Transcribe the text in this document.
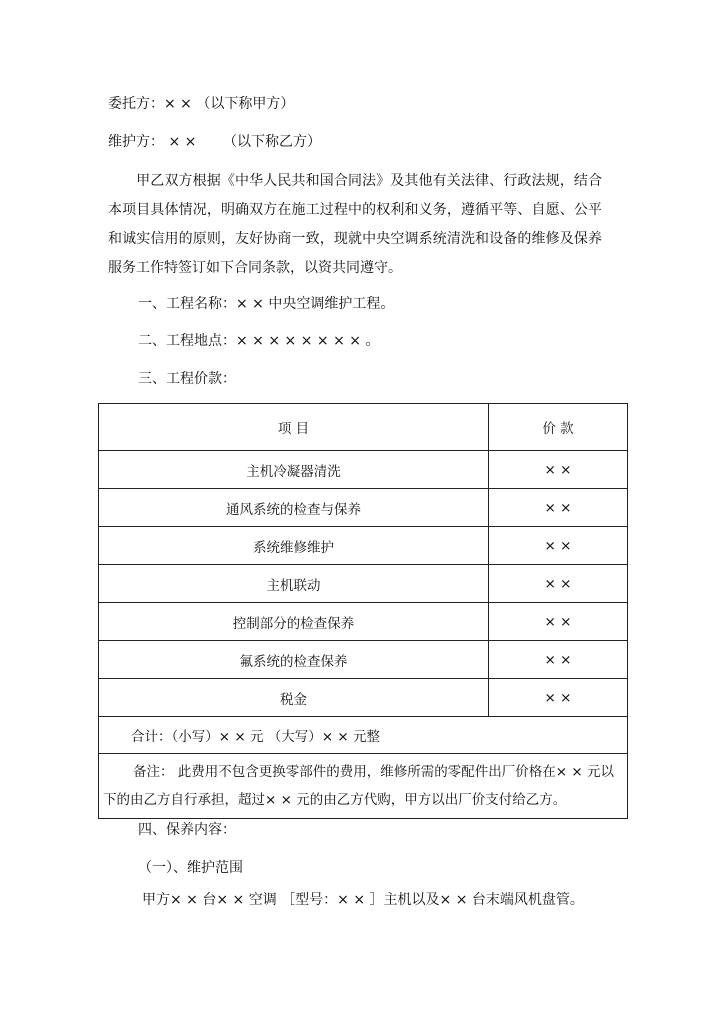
委托方：× × （以下称甲方）
维护方： × ×      （以下称乙方）
甲乙双方根据《中华人民共和国合同法》及其他有关法律、行政法规，结合本项目具体情况，明确双方在施工过程中的权利和义务，遵循平等、自愿、公平和诚实信用的原则，友好协商一致，现就中央空调系统清洗和设备的维修及保养服务工作特签订如下合同条款，以资共同遵守。
一、工程名称：× × 中央空调维护工程。
二、工程地点：× × × × × × × × 。
三、工程价款：
项 目	价 款
主机冷凝器清洗	× ×
通风系统的检查与保养	× ×
系统维修维护	× ×
主机联动	× ×
控制部分的检查保养	× ×
氟系统的检查保养	× ×
税金	× ×
合计：（小写）× × 元 （大写）× × 元整	
备注： 此费用不包含更换零部件的费用，维修所需的零配件出厂价格在× × 元以下的由乙方自行承担，超过× × 元的由乙方代购，甲方以出厂价支付给乙方。	
四、保养内容：
（一）、维护范围
甲方× × 台× × 空调 ［型号：× × ］主机以及× × 台末端风机盘管。
